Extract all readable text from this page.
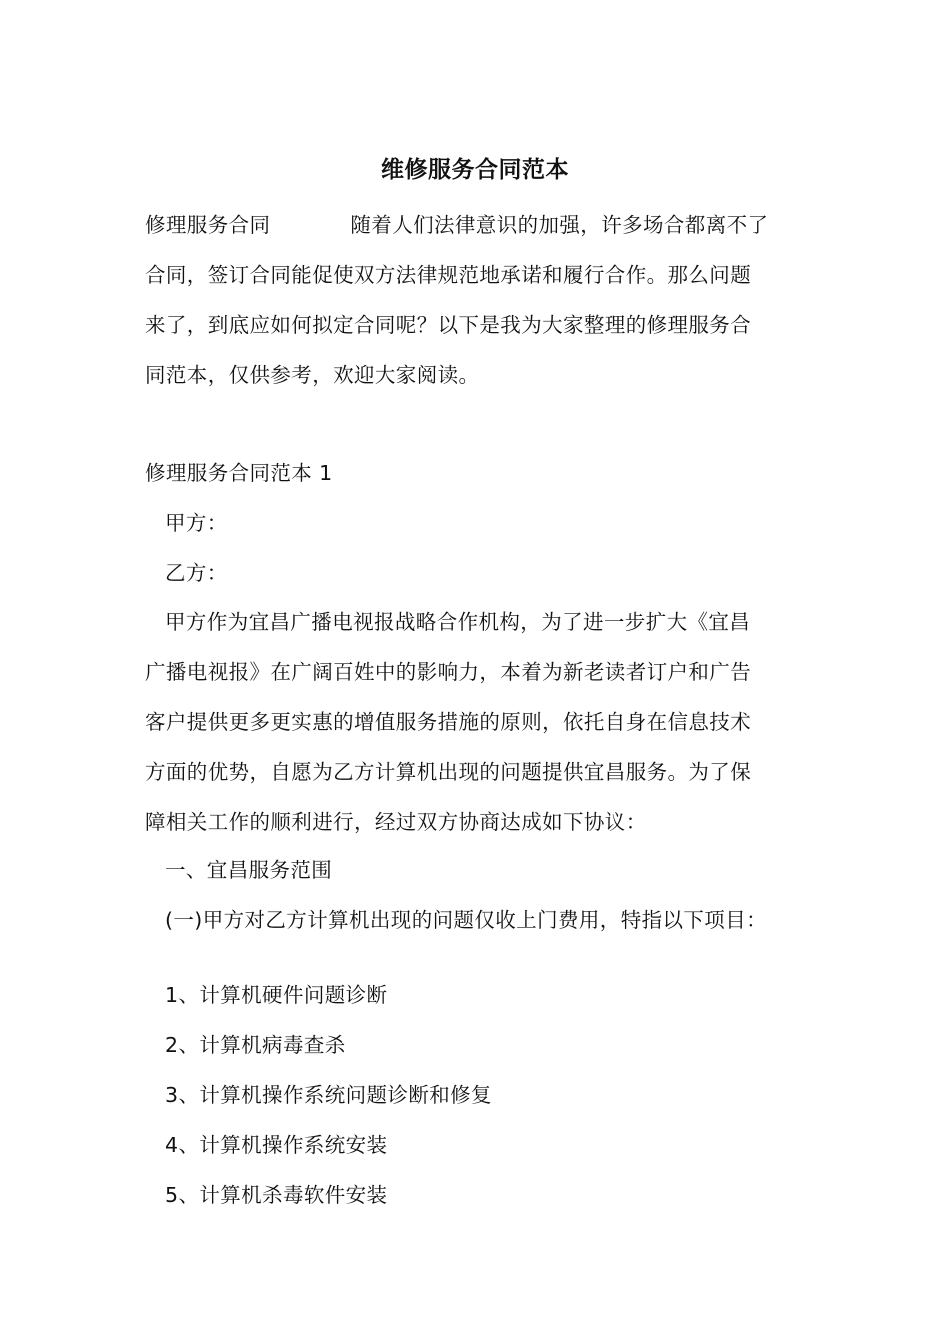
维修服务合同范本
修理服务合同	随着人们法律意识的加强，许多场合都离不了
合同，签订合同能促使双方法律规范地承诺和履行合作。那么问题
来了，到底应如何拟定合同呢？以下是我为大家整理的修理服务合
同范本，仅供参考，欢迎大家阅读。
修理服务合同范本 1
甲方：
乙方：
甲方作为宜昌广播电视报战略合作机构，为了进一步扩大《宜昌
广播电视报》在广阔百姓中的影响力，本着为新老读者订户和广告
客户提供更多更实惠的增值服务措施的原则，依托自身在信息技术
方面的优势，自愿为乙方计算机出现的问题提供宜昌服务。为了保
障相关工作的顺利进行，经过双方协商达成如下协议：
一、宜昌服务范围
(一)甲方对乙方计算机出现的问题仅收上门费用，特指以下项目：
1、计算机硬件问题诊断
2、计算机病毒查杀
3、计算机操作系统问题诊断和修复
4、计算机操作系统安装
5、计算机杀毒软件安装
